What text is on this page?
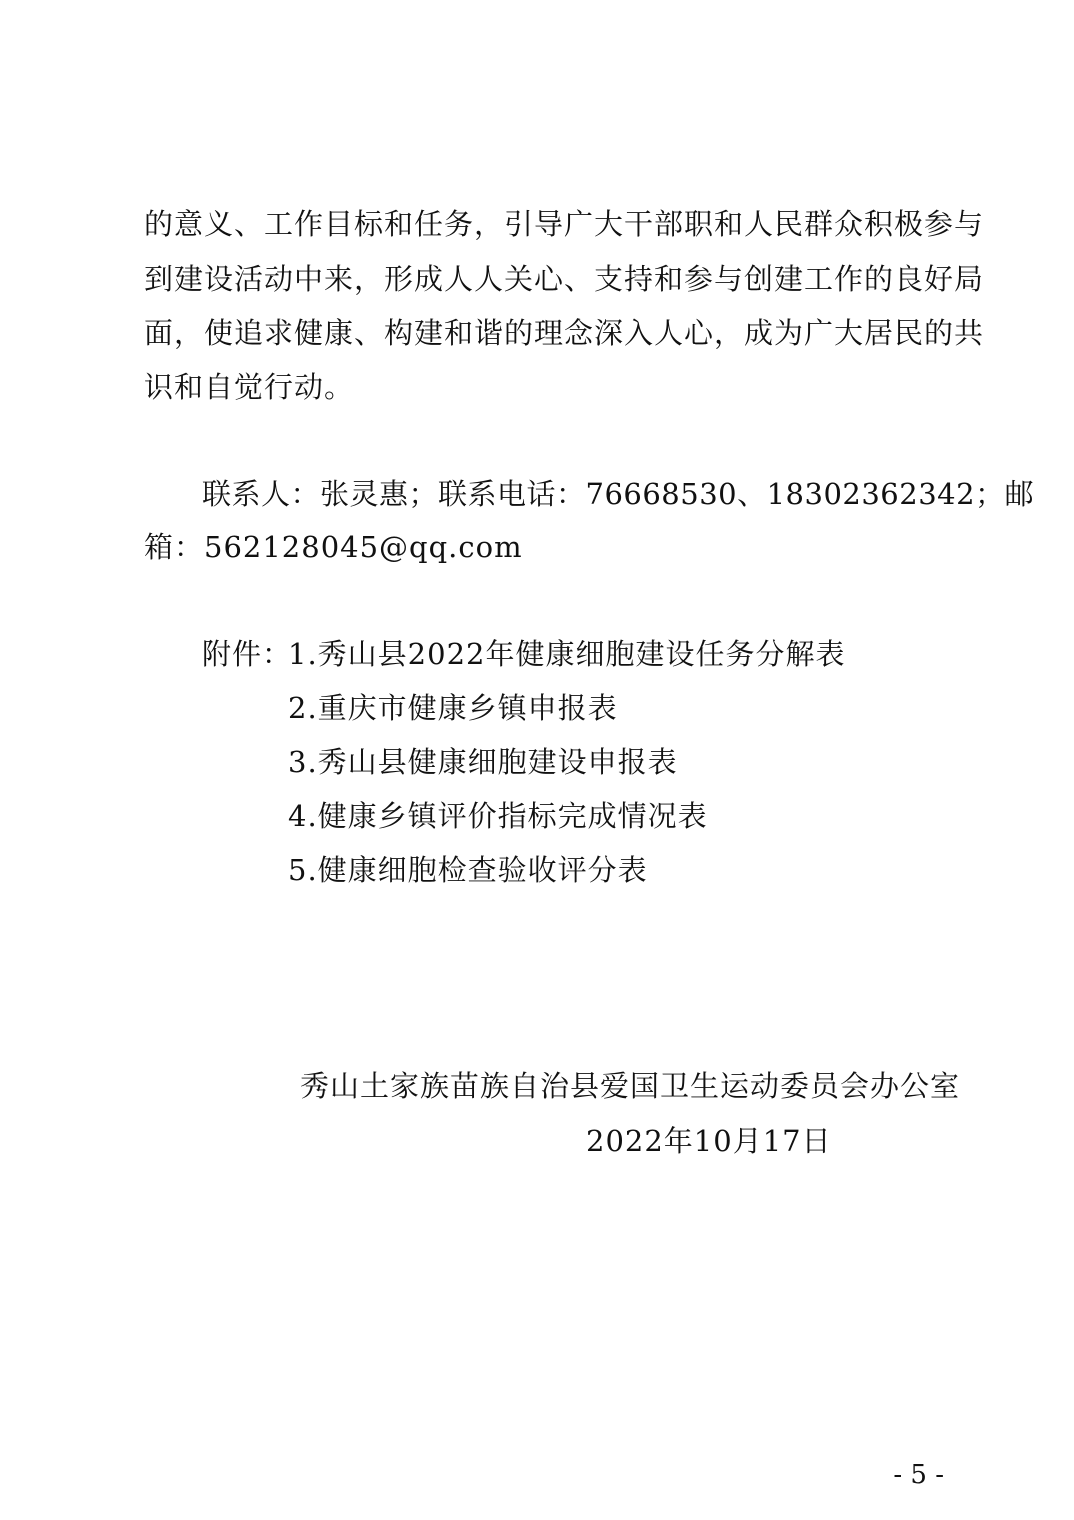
的意义、工作目标和任务，引导广大干部职和人民群众积极参与
到建设活动中来，形成人人关心、支持和参与创建工作的良好局
面，使追求健康、构建和谐的理念深入人心，成为广大居民的共
识和自觉行动。
联系人：张灵惠；联系电话：76668530、18302362342；邮
箱：562128045@qq.com
附件：
1.秀山县2022年健康细胞建设任务分解表
2.重庆市健康乡镇申报表
3.秀山县健康细胞建设申报表
4.健康乡镇评价指标完成情况表
5.健康细胞检查验收评分表
秀山土家族苗族自治县爱国卫生运动委员会办公室
2022年10月17日
- 5 -
